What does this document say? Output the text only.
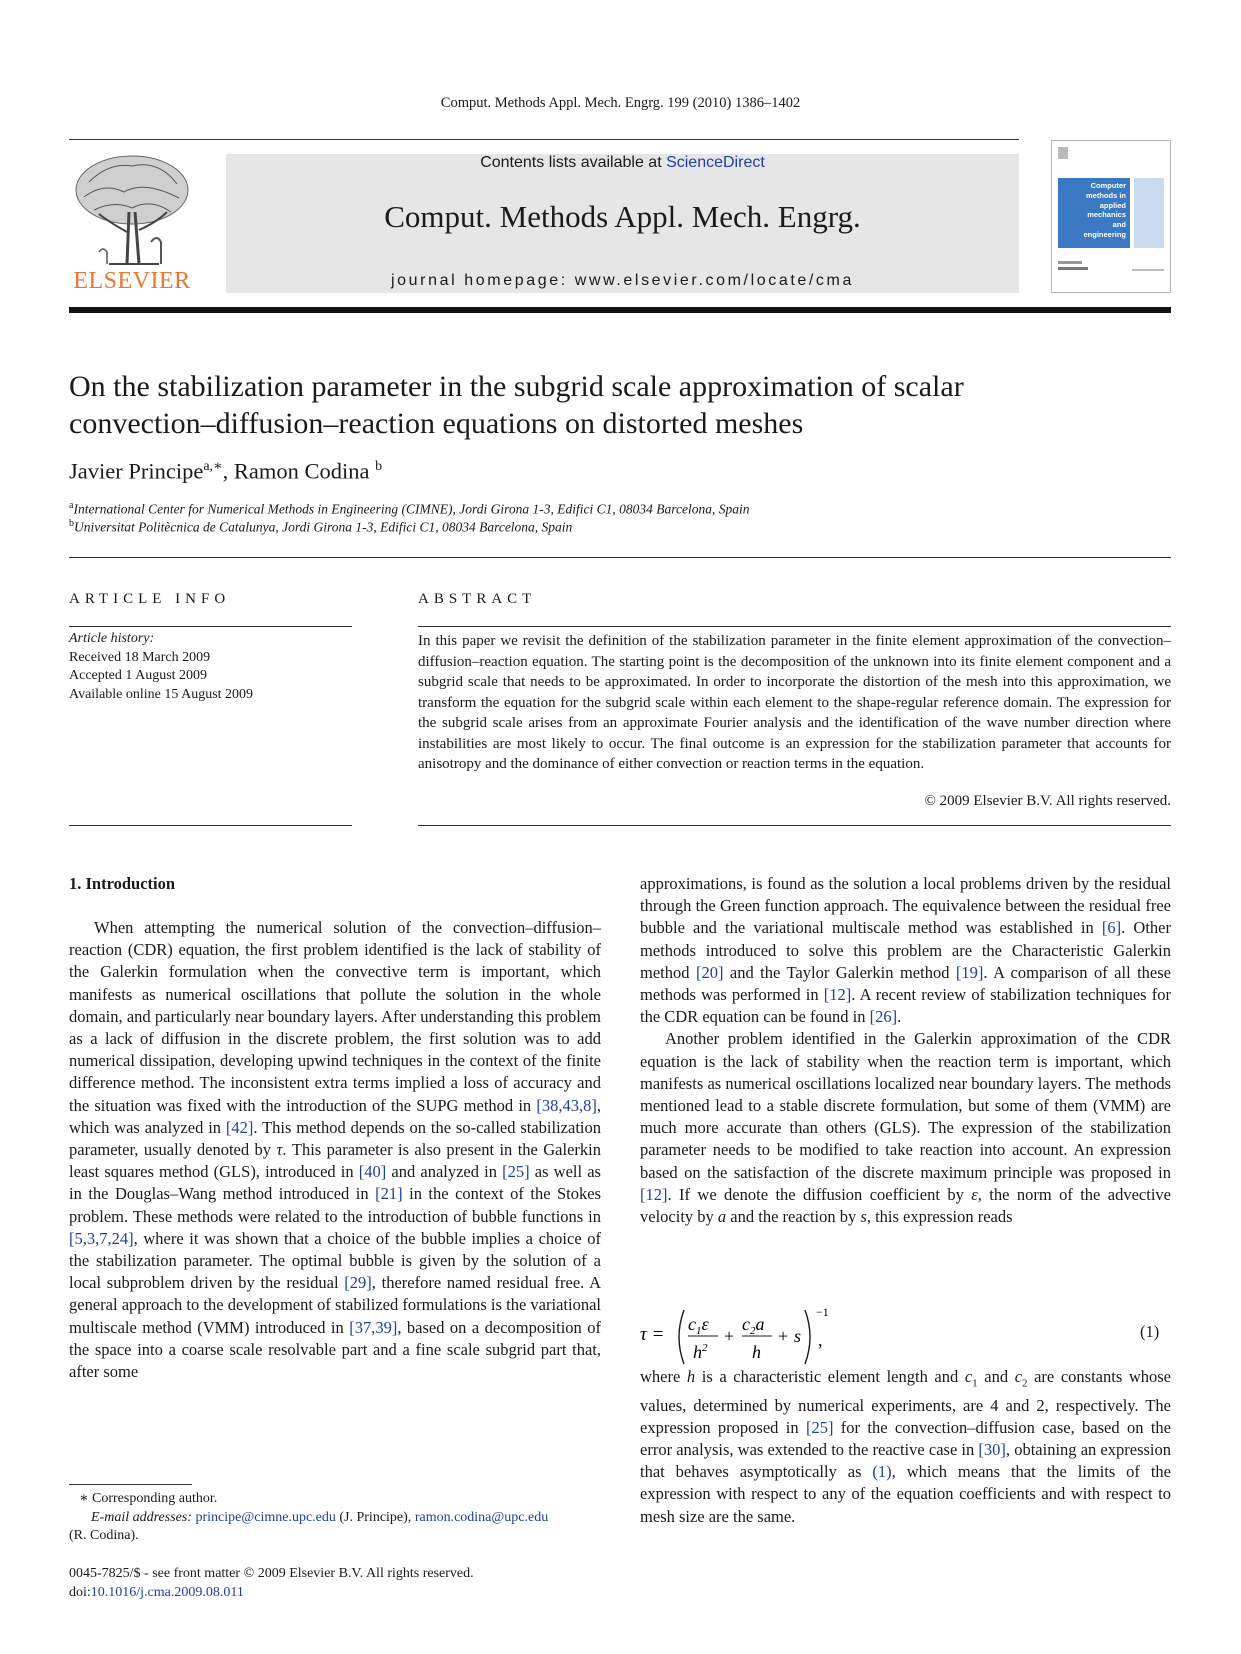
Comput. Methods Appl. Mech. Engrg. 199 (2010) 1386–1402
ELSEVIER
Contents lists available at ScienceDirect
Comput. Methods Appl. Mech. Engrg.
journal homepage: www.elsevier.com/locate/cma
Computer
methods in
applied
mechanics
and
engineering
On the stabilization parameter in the subgrid scale approximation of scalar
convection–diffusion–reaction equations on distorted meshes
Javier Principe$^{a,∗}$, Ramon Codina $^b$
$^a$International Center for Numerical Methods in Engineering (CIMNE), Jordi Girona 1-3, Edifici C1, 08034 Barcelona, Spain
$^b$Universitat Politècnica de Catalunya, Jordi Girona 1-3, Edifici C1, 08034 Barcelona, Spain
ARTICLE INFO
Article history:
Received 18 March 2009
Accepted 1 August 2009
Available online 15 August 2009
ABSTRACT

In this paper we revisit the definition of the stabilization parameter in the finite element approximation of the convection–diffusion–reaction equation. The starting point is the decomposition of the unknown into its finite element component and a subgrid scale that needs to be approximated. In order to incorporate the distortion of the mesh into this approximation, we transform the equation for the subgrid scale within each element to the shape-regular reference domain. The expression for the subgrid scale arises from an approximate Fourier analysis and the identification of the wave number direction where instabilities are most likely to occur. The final outcome is an expression for the stabilization parameter that accounts for anisotropy and the dominance of either convection or reaction terms in the equation.

© 2009 Elsevier B.V. All rights reserved.
1. Introduction

When attempting the numerical solution of the convection–diffusion–reaction (CDR) equation, the first problem identified is the lack of stability of the Galerkin formulation when the convective term is important, which manifests as numerical oscillations that pollute the solution in the whole domain, and particularly near boundary layers. After understanding this problem as a lack of diffusion in the discrete problem, the first solution was to add numerical dissipation, developing upwind techniques in the context of the finite difference method. The inconsistent extra terms implied a loss of accuracy and the situation was fixed with the introduction of the SUPG method in [38,43,8], which was analyzed in [42]. This method depends on the so-called stabilization parameter, usually denoted by τ. This parameter is also present in the Galerkin least squares method (GLS), introduced in [40] and analyzed in [25] as well as in the Douglas–Wang method introduced in [21] in the context of the Stokes problem. These methods were related to the introduction of bubble functions in [5,3,7,24], where it was shown that a choice of the bubble implies a choice of the stabilization parameter. The optimal bubble is given by the solution of a local subproblem driven by the residual [29], therefore named residual free. A general approach to the development of stabilized formulations is the variational multiscale method (VMM) introduced in [37,39], based on a decomposition of the space into a coarse scale resolvable part and a fine scale subgrid part that, after some

approximations, is found as the solution a local problems driven by the residual through the Green function approach. The equivalence between the residual free bubble and the variational multiscale method was established in [6]. Other methods introduced to solve this problem are the Characteristic Galerkin method [20] and the Taylor Galerkin method [19]. A comparison of all these methods was performed in [12]. A recent review of stabilization techniques for the CDR equation can be found in [26].

Another problem identified in the Galerkin approximation of the CDR equation is the lack of stability when the reaction term is important, which manifests as numerical oscillations localized near boundary layers. The methods mentioned lead to a stable discrete formulation, but some of them (VMM) are much more accurate than others (GLS). The expression of the stabilization parameter needs to be modified to take reaction into account. An expression based on the satisfaction of the discrete maximum principle was proposed in [12]. If we denote the diffusion coefficient by ε, the norm of the advective velocity by a and the reaction by s, this expression reads

$\tau = c_1\varepsilon$
$h^2$
+
$c_2a$
h
+ s
−1
,	(1)

where h is a characteristic element length and $c_1$ and $c_2$ are constants whose values, determined by numerical experiments, are 4 and 2, respectively. The expression proposed in [25] for the convection–diffusion case, based on the error analysis, was extended to the reactive case in [30], obtaining an expression that behaves asymptotically as (1), which means that the limits of the expression with respect to any of the equation coefficients and with respect to mesh size are the same.

∗ Corresponding author.
E-mail addresses: principe@cimne.upc.edu (J. Principe), ramon.codina@upc.edu
(R. Codina).
0045-7825/$ - see front matter © 2009 Elsevier B.V. All rights reserved.
doi:10.1016/j.cma.2009.08.011
